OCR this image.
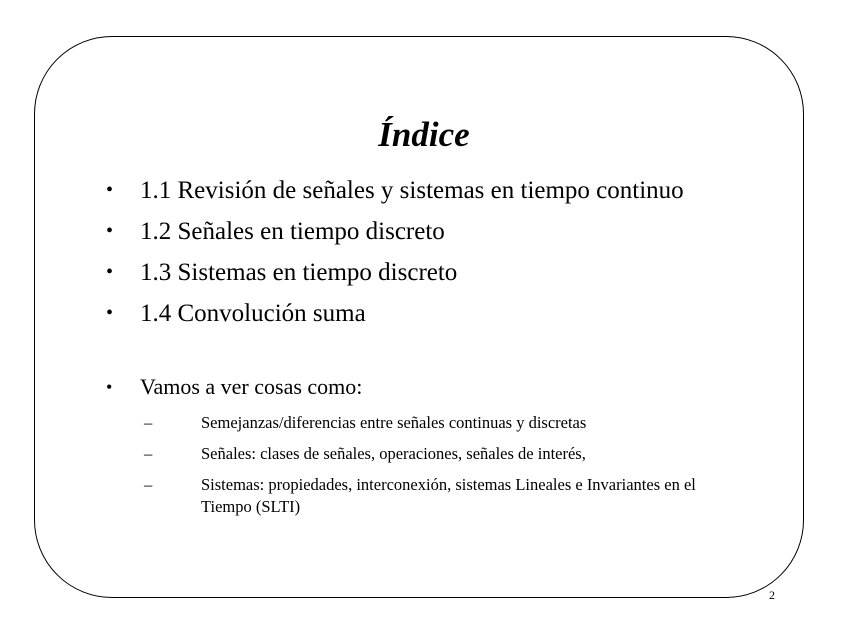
Índice
• 1.1 Revisión de señales y sistemas en tiempo continuo
• 1.2 Señales en tiempo discreto
• 1.3 Sistemas en tiempo discreto
• 1.4 Convolución suma
• Vamos a ver cosas como:
–	Semejanzas/diferencias entre señales continuas y discretas
–	Señales: clases de señales, operaciones, señales de interés,
–	Sistemas: propiedades, interconexión, sistemas Lineales e Invariantes en el Tiempo (SLTI)
2
